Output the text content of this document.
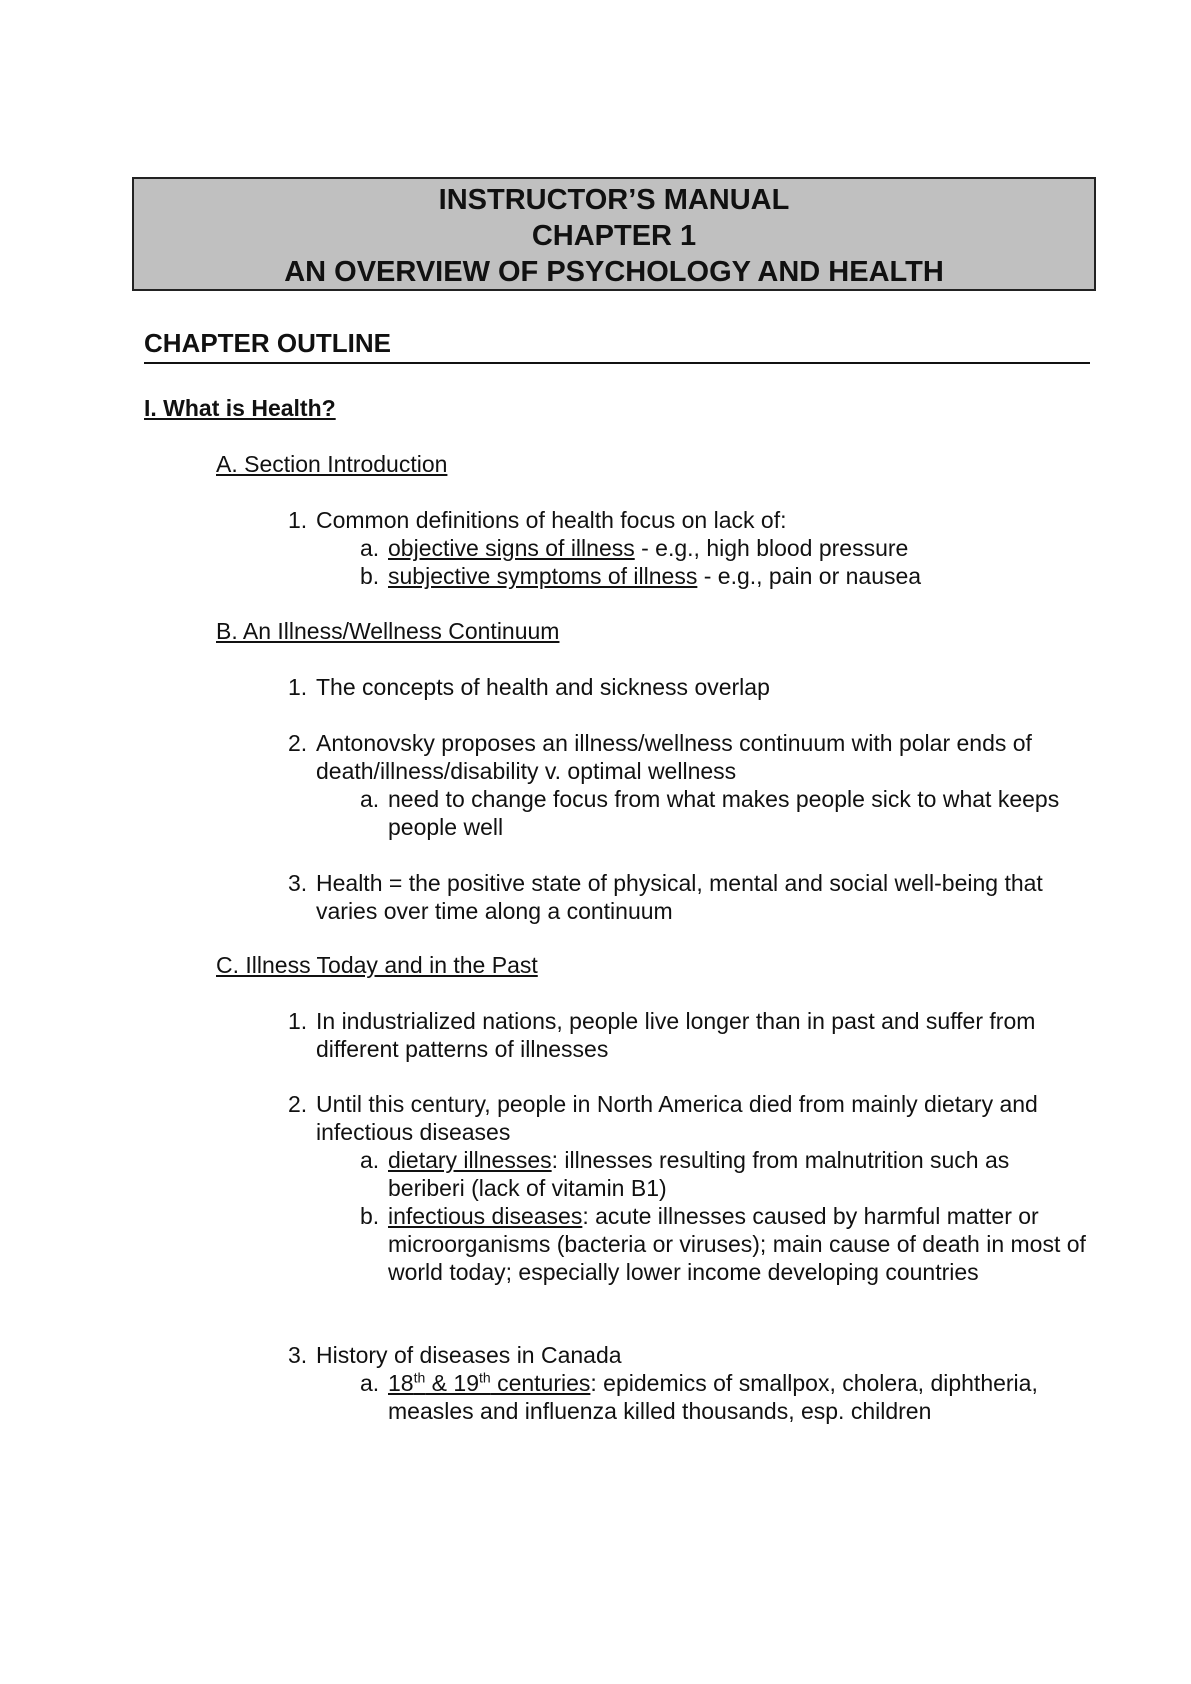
INSTRUCTOR’S MANUAL
CHAPTER 1
AN OVERVIEW OF PSYCHOLOGY AND HEALTH
CHAPTER OUTLINE
I. What is Health?
A. Section Introduction
1. Common definitions of health focus on lack of:
a. objective signs of illness - e.g., high blood pressure
b. subjective symptoms of illness - e.g., pain or nausea
B. An Illness/Wellness Continuum
1. The concepts of health and sickness overlap
2. Antonovsky proposes an illness/wellness continuum with polar ends of death/illness/disability v. optimal wellness
a. need to change focus from what makes people sick to what keeps people well
3. Health = the positive state of physical, mental and social well-being that varies over time along a continuum
C. Illness Today and in the Past
1. In industrialized nations, people live longer than in past and suffer from different patterns of illnesses
2. Until this century, people in North America died from mainly dietary and infectious diseases
a. dietary illnesses: illnesses resulting from malnutrition such as beriberi (lack of vitamin B1)
b. infectious diseases: acute illnesses caused by harmful matter or microorganisms (bacteria or viruses); main cause of death in most of world today; especially lower income developing countries
3. History of diseases in Canada
a. 18th & 19th centuries: epidemics of smallpox, cholera, diphtheria, measles and influenza killed thousands, esp. children
